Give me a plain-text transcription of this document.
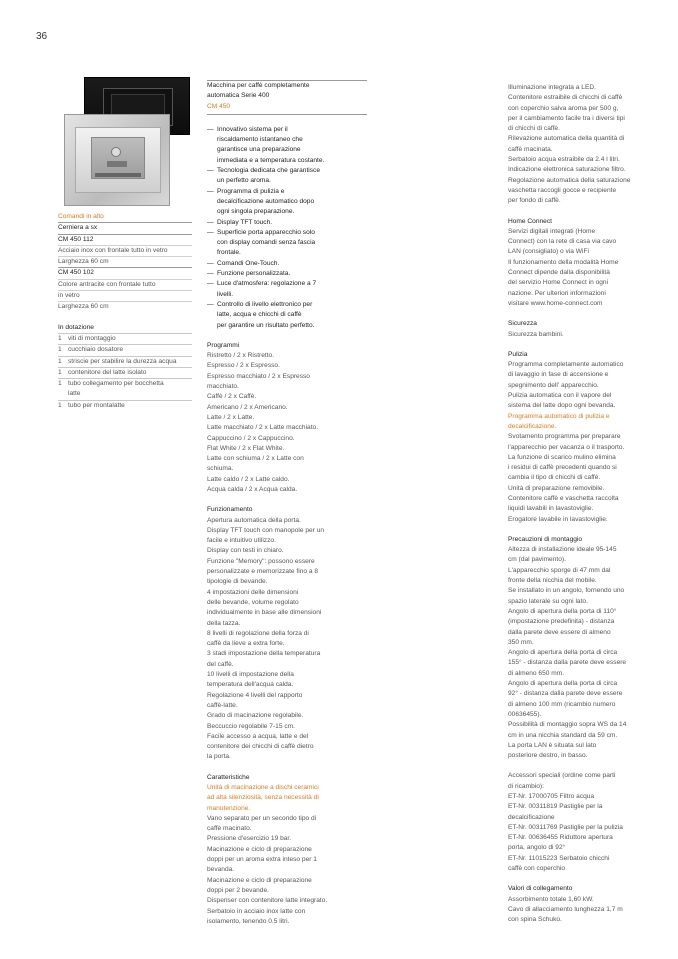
36
Comandi in alto
Cerniera a sx
CM 450 112
Acciaio inox con frontale tutto in vetro
Larghezza 60 cm
CM 450 102
Colore antracite con frontale tutto
in vetro
Larghezza 60 cm
In dotazione
1 viti di montaggio
1 cucchiaio dosatore
1 striscie per stabilire la durezza acqua
1 contenitore del latte isolato
1 tubo collegamento per bocchetta
latte
1 tubo per montalatte
Macchina per caffè completamente
automatica Serie 400
CM 450
— Innovativo sistema per il
riscaldamento istantaneo che
garantisce una preparazione
immediata e a temperatura costante.
— Tecnologia dedicata che garantisce
un perfetto aroma.
— Programma di pulizia e
decalcificazione automatico dopo
ogni singola preparazione.
— Display TFT touch.
— Superficie porta apparecchio solo
con display comandi senza fascia
frontale.
— Comandi One-Touch.
— Funzione personalizzata.
— Luce d'atmosfera: regolazione a 7
livelli.
— Controllo di livello elettronico per
latte, acqua e chicchi di caffè
per garantire un risultato perfetto.
Programmi
Ristretto / 2 x Ristretto.
Espresso / 2 x Espresso.
Espresso macchiato / 2 x Espresso
macchiato.
Caffè / 2 x Caffè.
Americano / 2 x Americano.
Latte / 2 x Latte.
Latte macchiato / 2 x Latte macchiato.
Cappuccino / 2 x Cappuccino.
Flat White / 2 x Flat White.
Latte con schiuma / 2 x Latte con
schiuma.
Latte caldo / 2 x Latte caldo.
Acqua calda / 2 x Acqua calda.
Funzionamento
Apertura automatica della porta.
Display TFT touch con manopole per un
facile e intuitivo utilizzo.
Display con testi in chiaro.
Funzione "Memory": possono essere
personalizzate e memorizzate fino a 8
tipologie di bevande.
4 impostazioni delle dimensioni
delle bevande, volume regolato
individualmente in base alle dimensioni
della tazza.
8 livelli di regolazione della forza di
caffè da lieve a extra forte.
3 stadi impostazione della temperatura
del caffè.
10 livelli di impostazione della
temperatura dell'acqua calda.
Regolazione 4 livelli del rapporto
caffè-latte.
Grado di macinazione regolabile.
Beccuccio regolabile 7-15 cm.
Facile accesso a acqua, latte e del
contenitore dei chicchi di caffè dietro
la porta.
Caratteristiche
Unità di macinazione a dischi ceramici
ad alta silenziosità, senza necessità di
manutenzione.
Vano separato per un secondo tipo di
caffè macinato.
Pressione d'esercizio 19 bar.
Macinazione e ciclo di preparazione
doppi per un aroma extra inteso per 1
bevanda.
Macinazione e ciclo di preparazione
doppi per 2 bevande.
Dispenser con contenitore latte integrato.
Serbatoio in acciaio inox latte con
isolamento, tenendo 0.5 litri.
Illuminazione integrata a LED.
Contenitore estraibile di chicchi di caffè
con coperchio salva aroma per 500 g,
per il cambiamento facile tra i diversi tipi
di chicchi di caffè.
Rilevazione automatica della quantità di
caffè macinata.
Serbatoio acqua estraibile da 2.4 l litri.
Indicazione elettronica saturazione filtro.
Regolazione automatica della saturazione
vaschetta raccogli gocce e recipiente
per fondo di caffè.
Home Connect
Servizi digitali integrati (Home
Connect) con la rete di casa via cavo
LAN (consigliato) o via WiFi
Il funzionamento della modalità Home
Connect dipende dalla disponibilità
del servizio Home Connect in ogni
nazione. Per ulteriori informazioni
visitare www.home-connect.com
Sicurezza
Sicurezza bambini.
Pulizia
Programma completamente automatico
di lavaggio in fase di accensione e
spegnimento dell' apparecchio.
Pulizia automatica con il vapore del
sistema del latte dopo ogni bevanda.
Programma automatico di pulizia e
decalcificazione.
Svotamento programma per preparare
l'apparecchio per vacanza o il trasporto.
La funzione di scarico mulino elimina
i residui di caffè precedenti quando si
cambia il tipo di chicchi di caffè.
Unità di preparazione removibile.
Contenitore caffè e vaschetta raccolta
liquidi lavabili in lavastoviglie.
Erogatore lavabile in lavastoviglie.
Precauzioni di montaggio
Altezza di installazione ideale 95-145
cm (dal pavimento).
L'apparecchio sporge di 47 mm dal
fronte della nicchia del mobile.
Se installato in un angolo, fornendo uno
spazio laterale su ogni lato.
Angolo di apertura della porta di 110°
(impostazione predefinita) - distanza
dalla parete deve essere di almeno
350 mm.
Angolo di apertura della porta di circa
155° - distanza dalla parete deve essere
di almeno 650 mm.
Angolo di apertura della porta di circa
92° - distanza dalla parete deve essere
di almeno 100 mm (ricambio numero
00636455).
Possibilità di montaggio sopra WS da 14
cm in una nicchia standard da 59 cm.
La porta LAN è situata sul lato
posteriore destro, in basso.
Accessori speciali (ordine come parti
di ricambio):
ET-Nr. 17000705 Filtro acqua
ET-Nr. 00311819 Pastiglie per la
decalcificazione
ET-Nr. 00311769 Pastiglie per la pulizia
ET-Nr. 00636455 Riduttore apertura
porta, angolo di 92°
ET-Nr. 11015223 Serbatoio chicchi
caffè con coperchio
Valori di collegamento
Assorbimento totale 1,60 kW.
Cavo di allacciamento lunghezza 1,7 m
con spina Schuko.
